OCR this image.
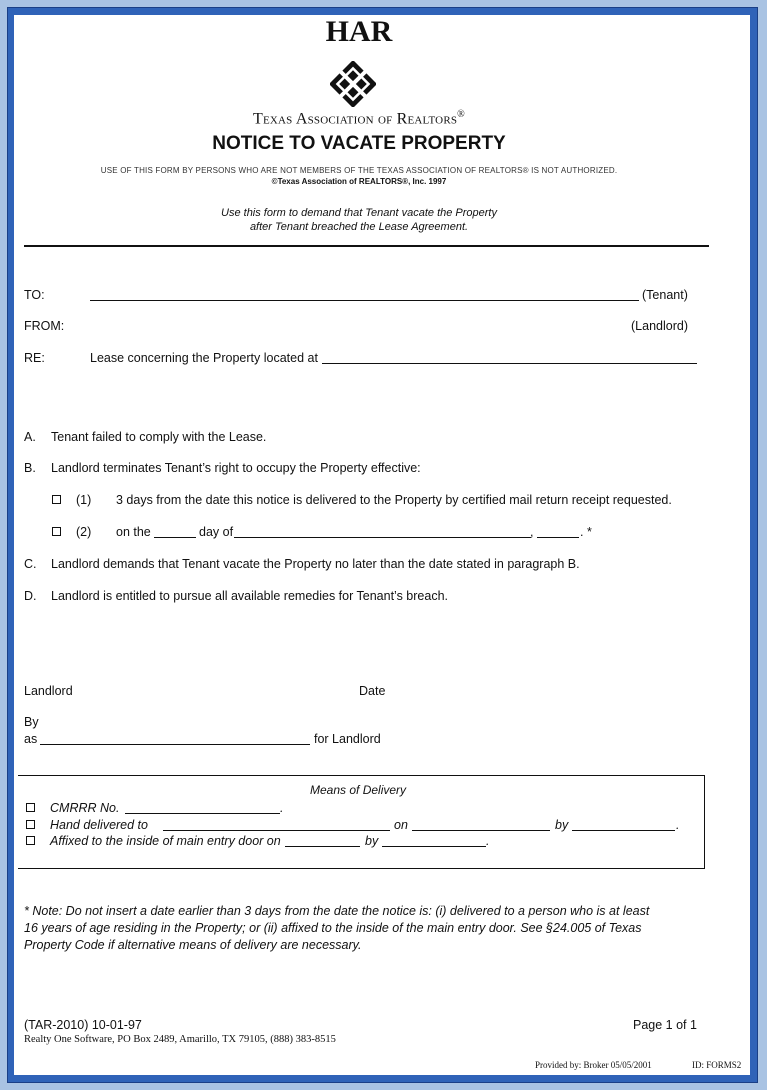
HAR
Texas Association of Realtors®
NOTICE TO VACATE PROPERTY
USE OF THIS FORM BY PERSONS WHO ARE NOT MEMBERS OF THE TEXAS ASSOCIATION OF REALTORS® IS NOT AUTHORIZED.
©Texas Association of REALTORS®, Inc. 1997
Use this form to demand that Tenant vacate the Property
after Tenant breached the Lease Agreement.
TO:	(Tenant)
FROM:	(Landlord)
RE:	Lease concerning the Property located at
A. Tenant failed to comply with the Lease.
B. Landlord terminates Tenant’s right to occupy the Property effective:
(1) 3 days from the date this notice is delivered to the Property by certified mail return receipt requested.
(2) on the	day of	,	. *
C. Landlord demands that Tenant vacate the Property no later than the date stated in paragraph B.
D. Landlord is entitled to pursue all available remedies for Tenant’s breach.
Landlord	Date
By
as	for Landlord
Means of Delivery
CMRRR No.	.
Hand delivered to	on	by	.
Affixed to the inside of main entry door on	by	.
* Note: Do not insert a date earlier than 3 days from the date the notice is: (i) delivered to a person who is at least
16 years of age residing in the Property; or (ii) affixed to the inside of the main entry door. See §24.005 of Texas
Property Code if alternative means of delivery are necessary.
(TAR-2010) 10-01-97	Page 1 of 1
Realty One Software, PO Box 2489, Amarillo, TX 79105, (888) 383-8515
Provided by: Broker 05/05/2001	ID: FORMS2
